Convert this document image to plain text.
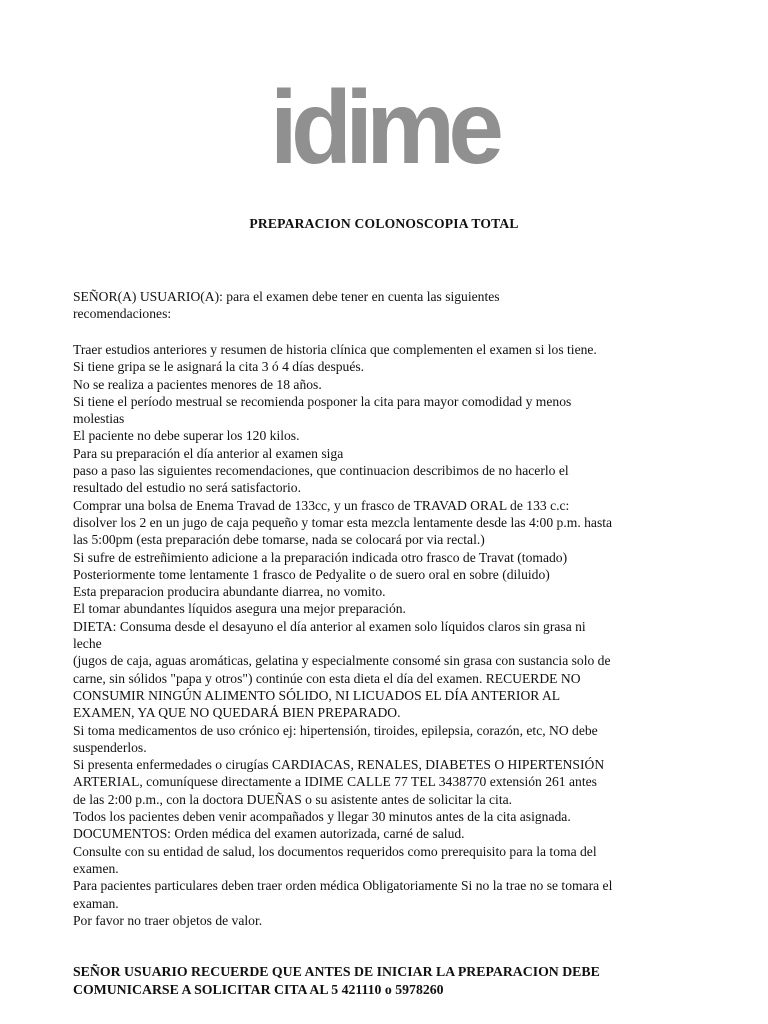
idime
PREPARACION COLONOSCOPIA TOTAL
SEÑOR(A) USUARIO(A): para el examen debe tener en cuenta las siguientes
recomendaciones:
Traer estudios anteriores y resumen de historia clínica que complementen el examen si los tiene.
Si tiene gripa se le asignará la cita 3 ó 4 días después.
No se realiza a pacientes menores de 18 años.
Si tiene el período mestrual se recomienda posponer la cita para mayor comodidad y menos
molestias
El paciente no debe superar los 120 kilos.
Para su preparación el día anterior al examen siga
paso a paso las siguientes recomendaciones, que continuacion describimos de no hacerlo el
resultado del estudio no será satisfactorio.
Comprar una bolsa de Enema Travad de 133cc, y un frasco de TRAVAD ORAL de 133 c.c:
disolver los 2 en un jugo de caja pequeño y tomar esta mezcla lentamente desde las 4:00 p.m. hasta
las 5:00pm (esta preparación debe tomarse, nada se colocará por via rectal.)
Si sufre de estreñimiento adicione a la preparación indicada otro frasco de Travat (tomado)
Posteriormente tome lentamente 1 frasco de Pedyalite o de suero oral en sobre (diluido)
Esta preparacion producira abundante diarrea, no vomito.
El tomar abundantes líquidos asegura una mejor preparación.
DIETA: Consuma desde el desayuno el día anterior al examen solo líquidos claros sin grasa ni
leche
(jugos de caja, aguas aromáticas, gelatina y especialmente consomé sin grasa con sustancia solo de
carne, sin sólidos "papa y otros") continúe con esta dieta el día del examen. RECUERDE NO
CONSUMIR NINGÚN ALIMENTO SÓLIDO, NI LICUADOS EL DÍA ANTERIOR AL
EXAMEN, YA QUE NO QUEDARÁ BIEN PREPARADO.
Si toma medicamentos de uso crónico ej: hipertensión, tiroides, epilepsia, corazón, etc, NO debe
suspenderlos.
Si presenta enfermedades o cirugías CARDIACAS, RENALES, DIABETES O HIPERTENSIÓN
ARTERIAL, comuníquese directamente a IDIME CALLE 77 TEL 3438770 extensión 261 antes
de las 2:00 p.m., con la doctora DUEÑAS o su asistente antes de solicitar la cita.
Todos los pacientes deben venir acompañados y llegar 30 minutos antes de la cita asignada.
DOCUMENTOS: Orden médica del examen autorizada, carné de salud.
Consulte con su entidad de salud, los documentos requeridos como prerequisito para la toma del
examen.
Para pacientes particulares deben traer orden médica Obligatoriamente Si no la trae no se tomara el
examan.
Por favor no traer objetos de valor.
SEÑOR USUARIO RECUERDE QUE ANTES DE INICIAR LA PREPARACION DEBE
COMUNICARSE A SOLICITAR CITA AL 5 421110 o 5978260
